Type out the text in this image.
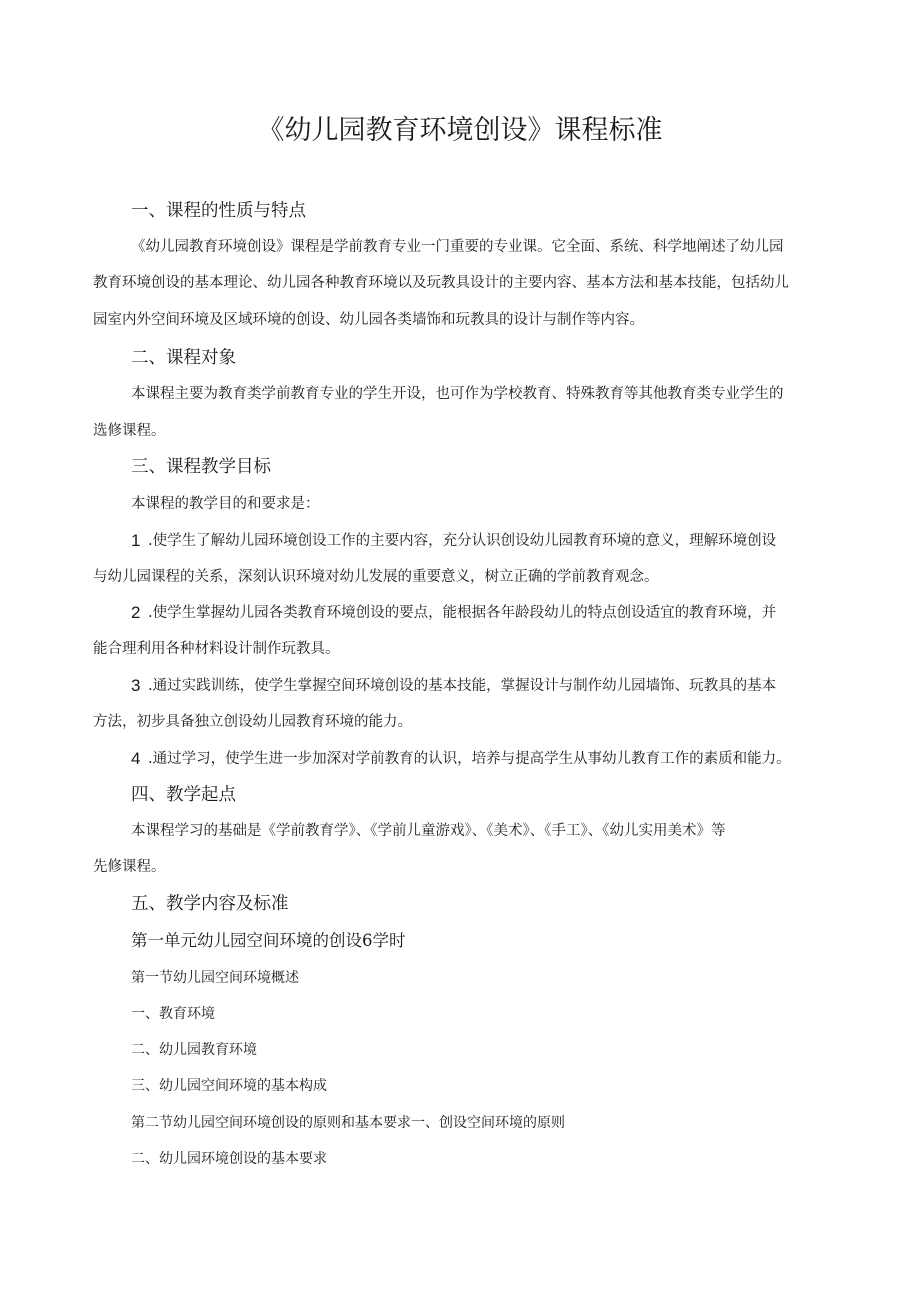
《幼儿园教育环境创设》课程标准
一、课程的性质与特点
《幼儿园教育环境创设》课程是学前教育专业一门重要的专业课。它全面、系统、科学地阐述了幼儿园
教育环境创设的基本理论、幼儿园各种教育环境以及玩教具设计的主要内容、基本方法和基本技能，包括幼儿
园室内外空间环境及区域环境的创设、幼儿园各类墙饰和玩教具的设计与制作等内容。
二、课程对象
本课程主要为教育类学前教育专业的学生开设，也可作为学校教育、特殊教育等其他教育类专业学生的
选修课程。
三、课程教学目标
本课程的教学目的和要求是：
1 .使学生了解幼儿园环境创设工作的主要内容，充分认识创设幼儿园教育环境的意义，理解环境创设
与幼儿园课程的关系，深刻认识环境对幼儿发展的重要意义，树立正确的学前教育观念。
2 .使学生掌握幼儿园各类教育环境创设的要点，能根据各年龄段幼儿的特点创设适宜的教育环境，并
能合理利用各种材料设计制作玩教具。
3 .通过实践训练，使学生掌握空间环境创设的基本技能，掌握设计与制作幼儿园墙饰、玩教具的基本
方法，初步具备独立创设幼儿园教育环境的能力。
4 .通过学习，使学生进一步加深对学前教育的认识，培养与提高学生从事幼儿教育工作的素质和能力。
四、教学起点
本课程学习的基础是《学前教育学》、《学前儿童游戏》、《美术》、《手工》、《幼儿实用美术》等
先修课程。
五、教学内容及标准
第一单元幼儿园空间环境的创设6学时
第一节幼儿园空间环境概述
一、教育环境
二、幼儿园教育环境
三、幼儿园空间环境的基本构成
第二节幼儿园空间环境创设的原则和基本要求一、创设空间环境的原则
二、幼儿园环境创设的基本要求
